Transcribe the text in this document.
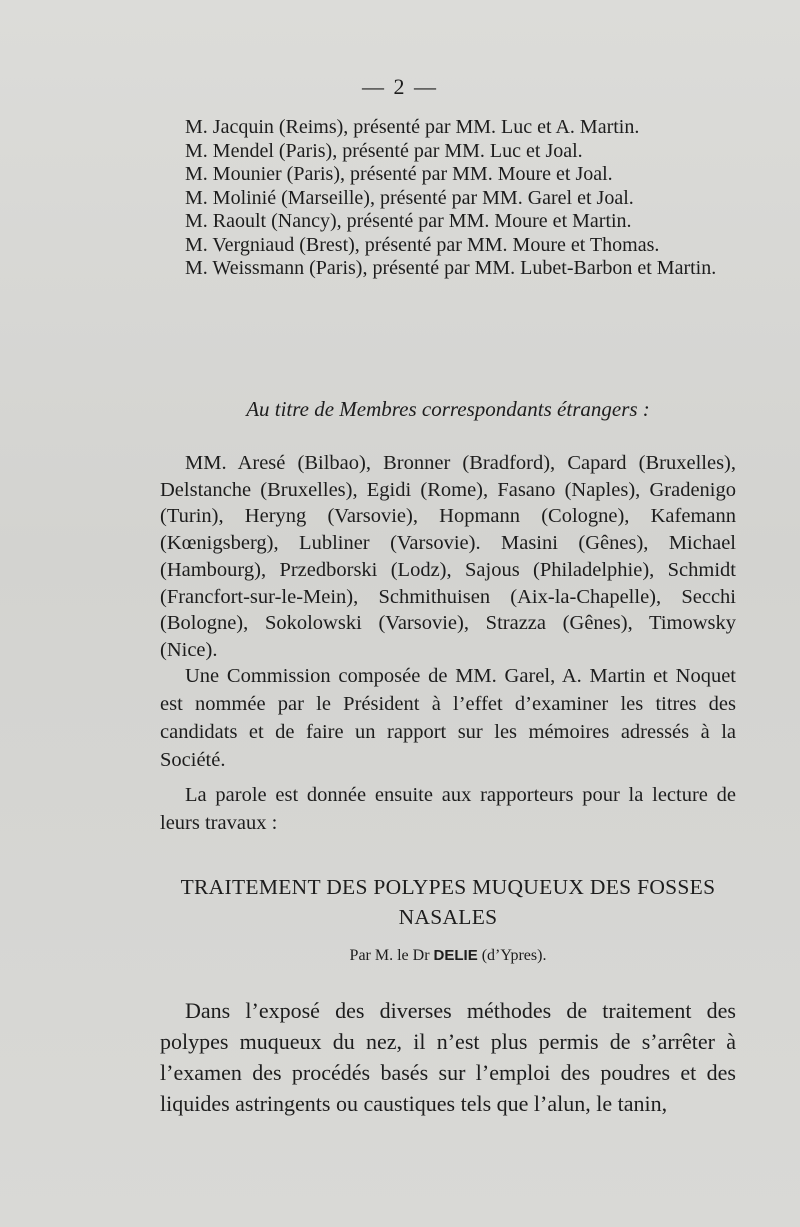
— 2 —

M. Jacquin (Reims), présenté par MM. Luc et A. Martin.

M. Mendel (Paris), présenté par MM. Luc et Joal.

M. Mounier (Paris), présenté par MM. Moure et Joal.

M. Molinié (Marseille), présenté par MM. Garel et Joal.

M. Raoult (Nancy), présenté par MM. Moure et Martin.

M. Vergniaud (Brest), présenté par MM. Moure et Thomas.

M. Weissmann (Paris), présenté par MM. Lubet-Barbon et Martin.

Au titre de Membres correspondants étrangers :

MM. Aresé (Bilbao), Bronner (Bradford), Capard (Bruxelles), Delstanche (Bruxelles), Egidi (Rome), Fasano (Naples), Gradenigo (Turin), Heryng (Varsovie), Hopmann (Cologne), Kafemann (Kœnigsberg), Lubliner (Varsovie). Masini (Gênes), Michael (Hambourg), Przedborski (Lodz), Sajous (Philadelphie), Schmidt (Francfort-sur-le-Mein), Schmithuisen (Aix-la-Chapelle), Secchi (Bologne), Sokolowski (Varsovie), Strazza (Gênes), Timowsky (Nice).

Une Commission composée de MM. Garel, A. Martin et Noquet est nommée par le Président à l’effet d’examiner les titres des candidats et de faire un rapport sur les mémoires adressés à la Société.

La parole est donnée ensuite aux rapporteurs pour la lecture de leurs travaux :

TRAITEMENT DES POLYPES MUQUEUX DES FOSSES NASALES
Par M. le Dr DELIE (d’Ypres).

Dans l’exposé des diverses méthodes de traitement des polypes muqueux du nez, il n’est plus permis de s’arrêter à l’examen des procédés basés sur l’emploi des poudres et des liquides astringents ou caustiques tels que l’alun, le tanin,
